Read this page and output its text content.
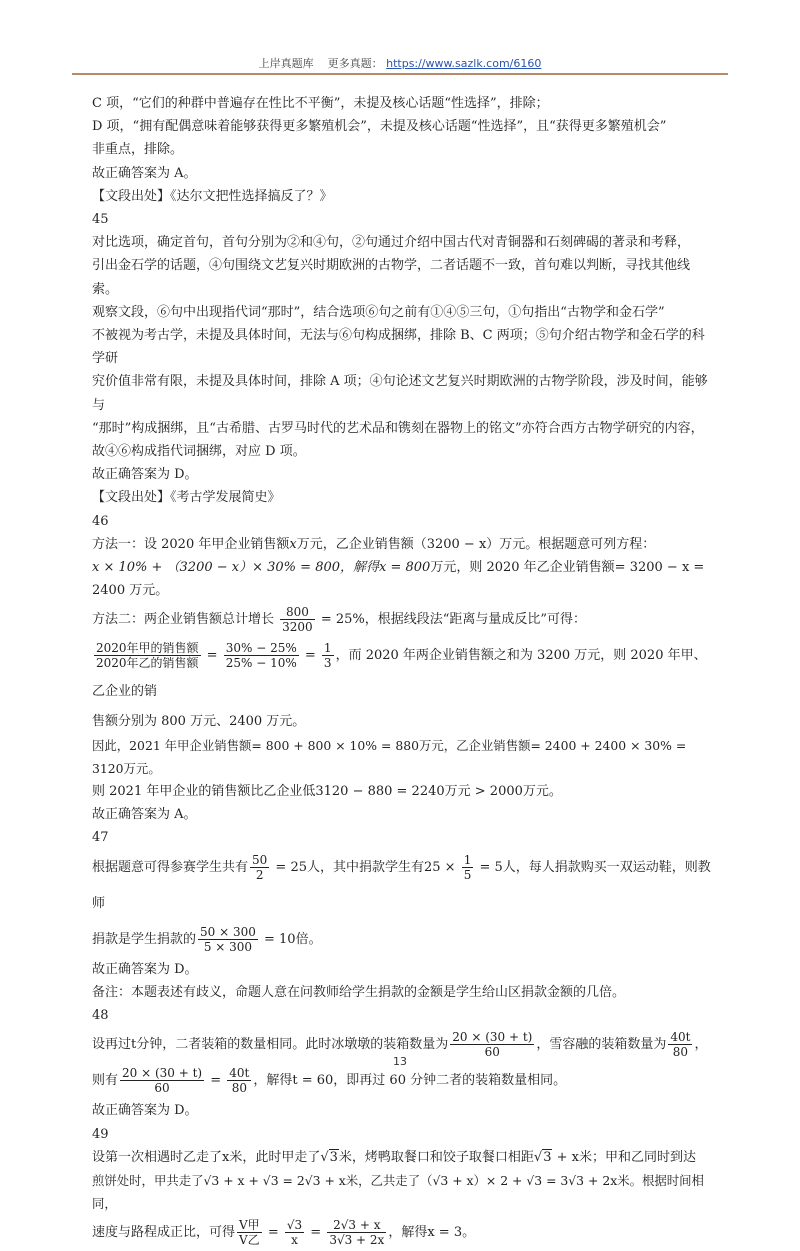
上岸真题库 更多真题： https://www.sazlk.com/6160

C 项，“它们的种群中普遍存在性比不平衡”，未提及核心话题“性选择”，排除；

D 项，“拥有配偶意味着能够获得更多繁殖机会”，未提及核心话题“性选择”，且“获得更多繁殖机会”

非重点，排除。

故正确答案为 A。

【文段出处】《达尔文把性选择搞反了？》

45

对比选项，确定首句，首句分别为②和④句，②句通过介绍中国古代对青铜器和石刻碑碣的著录和考释，

引出金石学的话题，④句围绕文艺复兴时期欧洲的古物学，二者话题不一致，首句难以判断，寻找其他线索。

观察文段，⑥句中出现指代词“那时”，结合选项⑥句之前有①④⑤三句，①句指出“古物学和金石学”

不被视为考古学，未提及具体时间，无法与⑥句构成捆绑，排除 B、C 两项；⑤句介绍古物学和金石学的科学研

究价值非常有限，未提及具体时间，排除 A 项；④句论述文艺复兴时期欧洲的古物学阶段，涉及时间，能够与

“那时”构成捆绑，且“古希腊、古罗马时代的艺术品和镌刻在器物上的铭文”亦符合西方古物学研究的内容，

故④⑥构成指代词捆绑，对应 D 项。

故正确答案为 D。

【文段出处】《考古学发展简史》

46

方法一：设 2020 年甲企业销售额x万元，乙企业销售额（3200 − x）万元。根据题意可列方程：

x × 10% + （3200 − x）× 30% = 800，解得x = 800万元，则 2020 年乙企业销售额= 3200 − x = 2400 万元。

方法二：两企业销售额总计增长 $\frac{800}{3200} = 25\%$，根据线段法“距离与量成反比”可得：

$\frac{\text{2020年甲的销售额}}{\text{2020年乙的销售额}} = \frac{30\% - 25\%}{25\% - 10\%} = \frac{1}{3}$ ，而 2020 年两企业销售额之和为 3200 万元，则 2020 年甲、乙企业的销

售额分别为 800 万元、2400 万元。

因此，2021 年甲企业销售额= 800 + 800 × 10% = 880万元，乙企业销售额= 2400 + 2400 × 30% = 3120万元。

则 2021 年甲企业的销售额比乙企业低3120 − 880 = 2240万元 > 2000万元。

故正确答案为 A。

47

根据题意可得参赛学生共有 $\frac{50}{2} = 25$人，其中捐款学生有$25 \times \frac{1}{5} = 5$人，每人捐款购买一双运动鞋，则教师

捐款是学生捐款的 $\frac{50 \times 300}{5 \times 300} = 10$倍。

故正确答案为 D。

备注：本题表述有歧义，命题人意在问教师给学生捐款的金额是学生给山区捐款金额的几倍。

48

设再过t分钟，二者装箱的数量相同。此时冰墩墩的装箱数量为 $\frac{20 \times (30 + t)}{60}$ ，雪容融的装箱数量为 $\frac{40t}{80}$ ，

则有 $\frac{20 \times (30 + t)}{60} = \frac{40t}{80}$ ，解得t = 60，即再过 60 分钟二者的装箱数量相同。

故正确答案为 D。

49

设第一次相遇时乙走了x米，此时甲走了√3米，烤鸭取餐口和饺子取餐口相距√3 + x米；甲和乙同时到达

煎饼处时，甲共走了√3 + x + √3 = 2√3 + x米，乙共走了（√3 + x）× 2 + √3 = 3√3 + 2x米。根据时间相同，

速度与路程成正比，可得 $\frac{\text{V甲}}{\text{V乙}} = \frac{√3}{x} = \frac{2√3 + x}{3√3 + 2x}$ ，解得x = 3。

13
